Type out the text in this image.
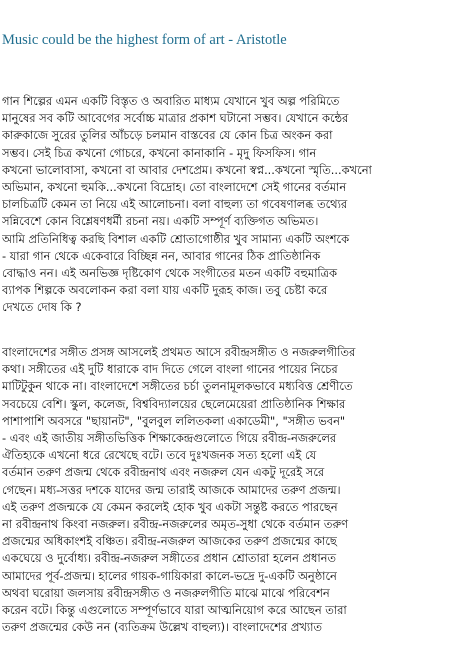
Music could be the highest form of art - Aristotle
গান শিল্পের এমন একটি বিস্তৃত ও অবারিত মাধ্যম যেখানে খুব অল্প পরিমিতে
মানুষের সব কটি আবেগের সর্বোচ্চ মাত্রার প্রকাশ ঘটানো সম্ভব। যেখানে কন্ঠের
কারুকাজে সুরের তুলির আঁচড়ে চলমান বাস্তবের যে কোন চিত্র অংকন করা
সম্ভব। সেই চিত্র কখনো গোচরে, কখনো কানাকানি - মৃদু ফিসফিস। গান
কখনো ভালোবাসা, কখনো বা আবার দেশপ্রেম। কখনো স্বপ্ন...কখনো স্মৃতি...কখনো
অভিমান, কখনো হুমকি...কখনো বিদ্রোহ। তো বাংলাদেশে সেই গানের বর্তমান
চালচিত্রটি কেমন তা নিয়ে এই আলোচনা। বলা বাহুল্য তা গবেষণালব্ধ তথ্যের
সন্নিবেশে কোন বিশ্লেষণধর্মী রচনা নয়। একটি সম্পূর্ণ ব্যক্তিগত অভিমত।
আমি প্রতিনিধিত্ব করছি বিশাল একটি শ্রোতাগোষ্ঠীর খুব সামান্য একটি অংশকে
- যারা গান থেকে একেবারে বিচ্ছিন্ন নন, আবার গানের ঠিক প্রাতিষ্ঠানিক
বোদ্ধাও নন। এই অনভিজ্ঞ দৃষ্টিকোণ থেকে সংগীতের মতন একটি বহুমাত্রিক
ব্যাপক শিল্পকে অবলোকন করা বলা যায় একটি দুরূহ কাজ। তবু চেষ্টা করে
দেখতে দোষ কি ?
বাংলাদেশের সঙ্গীত প্রসঙ্গ আসলেই প্রথমত আসে রবীন্দ্রসঙ্গীত ও নজরুলগীতির
কথা। সঙ্গীতের এই দুটি ধারাকে বাদ দিতে গেলে বাংলা গানের পায়ের নিচের
মাটিটুকুন থাকে না। বাংলাদেশে সঙ্গীতের চর্চা তুলনামূলকভাবে মধ্যবিত্ত শ্রেণীতে
সবচেয়ে বেশি। স্কুল, কলেজ, বিশ্ববিদ্যালয়ের ছেলেমেয়েরা প্রাতিষ্ঠানিক শিক্ষার
পাশাপাশি অবসরে "ছায়ানট", "বুলবুল ললিতকলা একাডেমী", "সঙ্গীত ভবন"
- এবং এই জাতীয় সঙ্গীতভিত্তিক শিক্ষাকেন্দ্রগুলোতে গিয়ে রবীন্দ্র-নজরুলের
ঐতিহ্যকে এখনো ধরে রেখেছে বটে। তবে দুঃখজনক সত্য হলো এই যে
বর্তমান তরুণ প্রজন্ম থেকে রবীন্দ্রনাথ এবং নজরুল যেন একটু দূরেই সরে
গেছেন। মধ্য-সত্তর দশকে যাদের জন্ম তারাই আজকে আমাদের তরুণ প্রজন্ম।
এই তরুণ প্রজন্মকে যে কেমন করলেই হোক খুব একটা সন্তুষ্ট করতে পারছেন
না রবীন্দ্রনাথ কিংবা নজরুল। রবীন্দ্র-নজরুলের অমৃত-সুধা থেকে বর্তমান তরুণ
প্রজন্মের অধিকাংশই বঞ্চিত। রবীন্দ্র-নজরুল আজকের তরুণ প্রজন্মের কাছে
একঘেয়ে ও দুর্বোধ্য। রবীন্দ্র-নজরুল সঙ্গীতের প্রধান শ্রোতারা হলেন প্রধানত
আমাদের পূর্ব-প্রজন্ম। হালের গায়ক-গায়িকারা কালে-ভদ্রে দু-একটি অনুষ্ঠানে
অথবা ঘরোয়া জলসায় রবীন্দ্রসঙ্গীত ও নজরুলগীতি মাঝে মাঝে পরিবেশন
করেন বটে। কিন্তু এগুলোতে সম্পূর্ণভাবে যারা আত্মনিয়োগ করে আছেন তারা
তরুণ প্রজন্মের কেউ নন (ব্যতিক্রম উল্লেখ বাহুল্য)। বাংলাদেশের প্রখ্যাত
